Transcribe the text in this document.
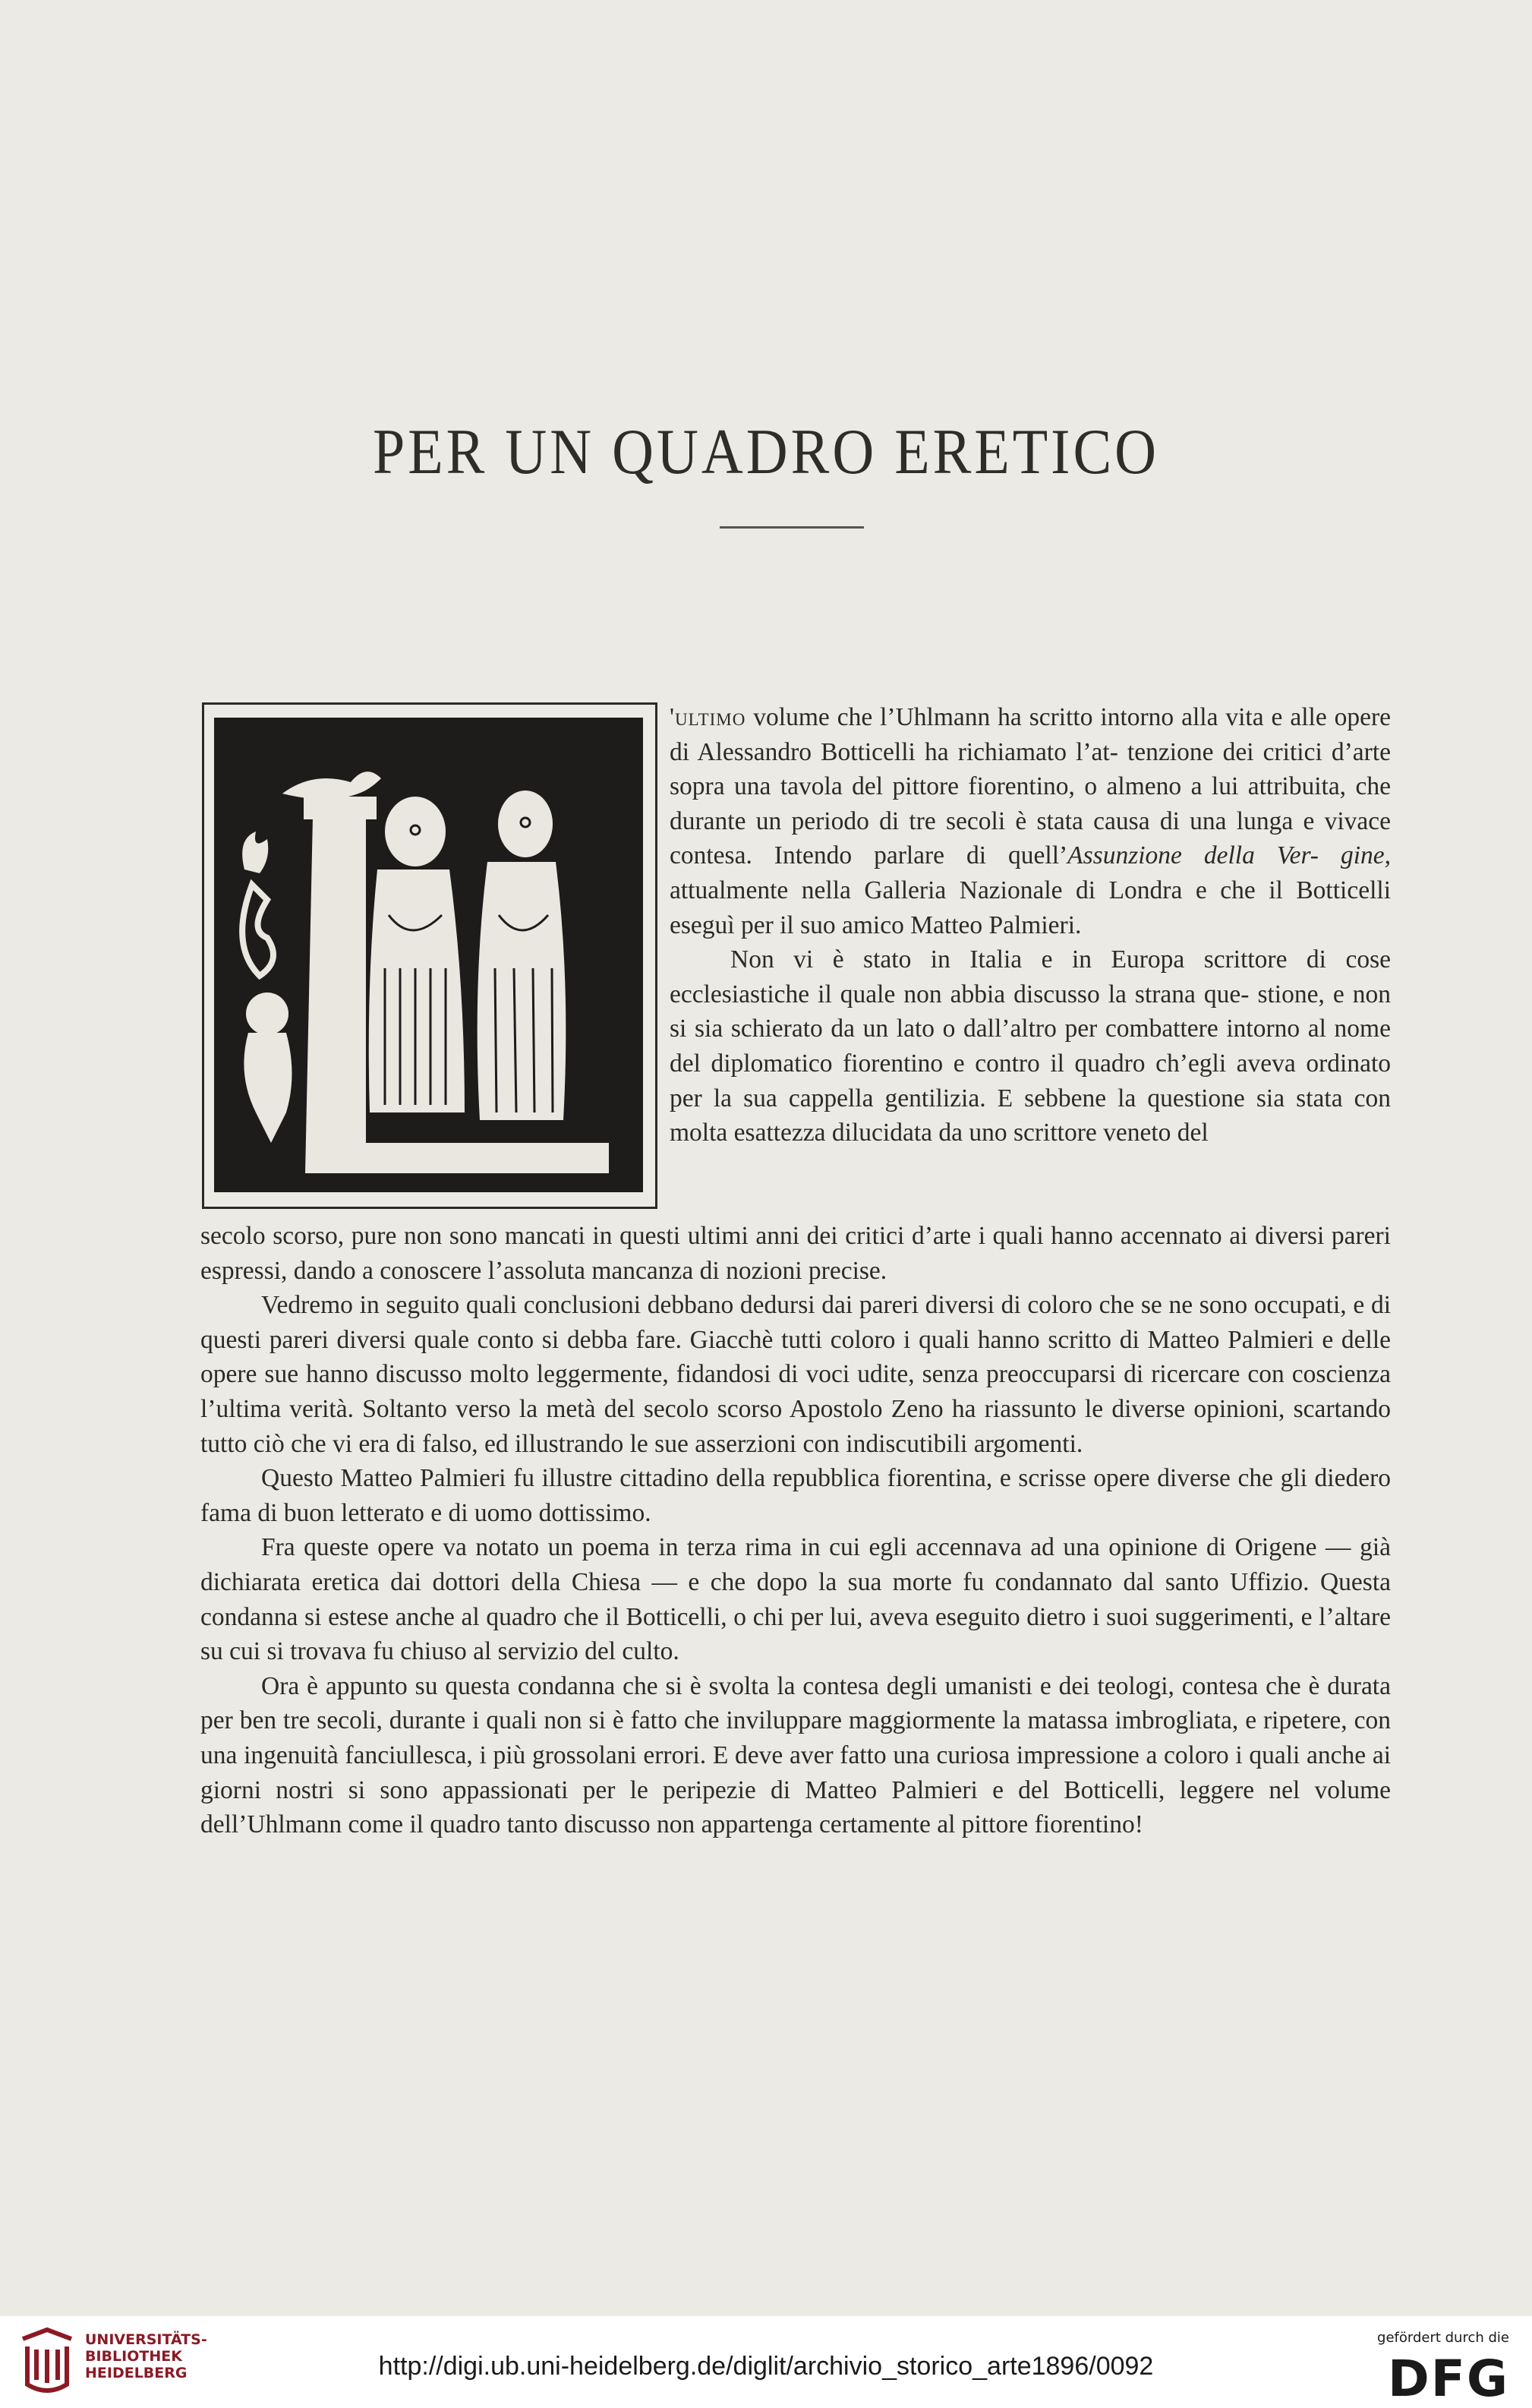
PER UN QUADRO ERETICO

'ultimo volume che l’Uhlmann ha scritto intorno alla vita e alle opere di Alessandro Botticelli ha richiamato l’at- tenzione dei critici d’arte sopra una tavola del pittore fiorentino, o almeno a lui attribuita, che durante un periodo di tre secoli è stata causa di una lunga e vivace contesa. Intendo parlare di quell’Assunzione della Ver- gine, attualmente nella Galleria Nazionale di Londra e che il Botticelli eseguì per il suo amico Matteo Palmieri.

Non vi è stato in Italia e in Europa scrittore di cose ecclesiastiche il quale non abbia discusso la strana que- stione, e non si sia schierato da un lato o dall’altro per combattere intorno al nome del diplomatico fiorentino e contro il quadro ch’egli aveva ordinato per la sua cappella gentilizia. E sebbene la questione sia stata con molta esattezza dilucidata da uno scrittore veneto del

secolo scorso, pure non sono mancati in questi ultimi anni dei critici d’arte i quali hanno accennato ai diversi pareri espressi, dando a conoscere l’assoluta mancanza di nozioni precise.

Vedremo in seguito quali conclusioni debbano dedursi dai pareri diversi di coloro che se ne sono occupati, e di questi pareri diversi quale conto si debba fare. Giacchè tutti coloro i quali hanno scritto di Matteo Palmieri e delle opere sue hanno discusso molto leggermente, fidandosi di voci udite, senza preoccuparsi di ricercare con coscienza l’ultima verità. Soltanto verso la metà del secolo scorso Apostolo Zeno ha riassunto le diverse opinioni, scartando tutto ciò che vi era di falso, ed illustrando le sue asserzioni con indiscutibili argomenti.

Questo Matteo Palmieri fu illustre cittadino della repubblica fiorentina, e scrisse opere diverse che gli diedero fama di buon letterato e di uomo dottissimo.

Fra queste opere va notato un poema in terza rima in cui egli accennava ad una opinione di Origene — già dichiarata eretica dai dottori della Chiesa — e che dopo la sua morte fu condannato dal santo Uffizio. Questa condanna si estese anche al quadro che il Botticelli, o chi per lui, aveva eseguito dietro i suoi suggerimenti, e l’altare su cui si trovava fu chiuso al servizio del culto.

Ora è appunto su questa condanna che si è svolta la contesa degli umanisti e dei teologi, contesa che è durata per ben tre secoli, durante i quali non si è fatto che inviluppare maggiormente la matassa imbrogliata, e ripetere, con una ingenuità fanciullesca, i più grossolani errori. E deve aver fatto una curiosa impressione a coloro i quali anche ai giorni nostri si sono appassionati per le peripezie di Matteo Palmieri e del Botticelli, leggere nel volume dell’Uhlmann come il quadro tanto discusso non appartenga certamente al pittore fiorentino!

UNIVERSITÄTS-
BIBLIOTHEK
HEIDELBERG	http://digi.ub.uni-heidelberg.de/diglit/archivio_storico_arte1896/0092
gefördert durch die
DFG
